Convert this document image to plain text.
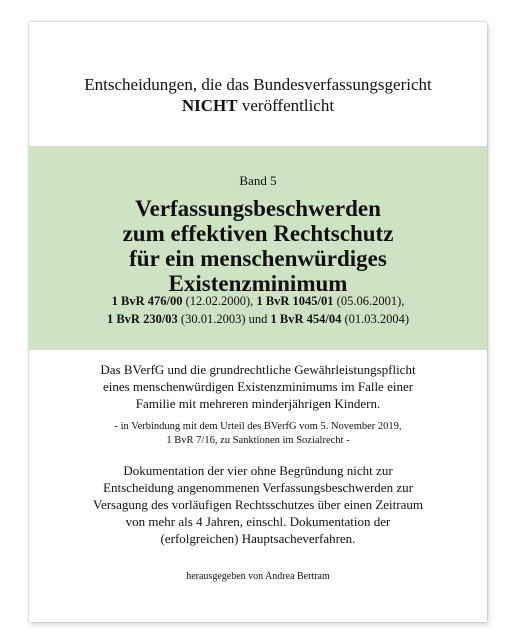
Entscheidungen, die das Bundesverfassungsgericht
NICHT veröffentlicht
Band 5
Verfassungsbeschwerden
zum effektiven Rechtschutz
für ein menschenwürdiges
Existenzminimum
1 BvR 476/00 (12.02.2000), 1 BvR 1045/01 (05.06.2001),
1 BvR 230/03 (30.01.2003) und 1 BvR 454/04 (01.03.2004)
Das BVerfG und die grundrechtliche Gewährleistungspflicht
eines menschenwürdigen Existenzminimums im Falle einer
Familie mit mehreren minderjährigen Kindern.
- in Verbindung mit dem Urteil des BVerfG vom 5. November 2019,
1 BvR 7/16, zu Sanktionen im Sozialrecht -
Dokumentation der vier ohne Begründung nicht zur
Entscheidung angenommenen Verfassungsbeschwerden zur
Versagung des vorläufigen Rechtsschutzes über einen Zeitraum
von mehr als 4 Jahren, einschl. Dokumentation der
(erfolgreichen) Hauptsacheverfahren.
herausgegeben von Andrea Bertram
